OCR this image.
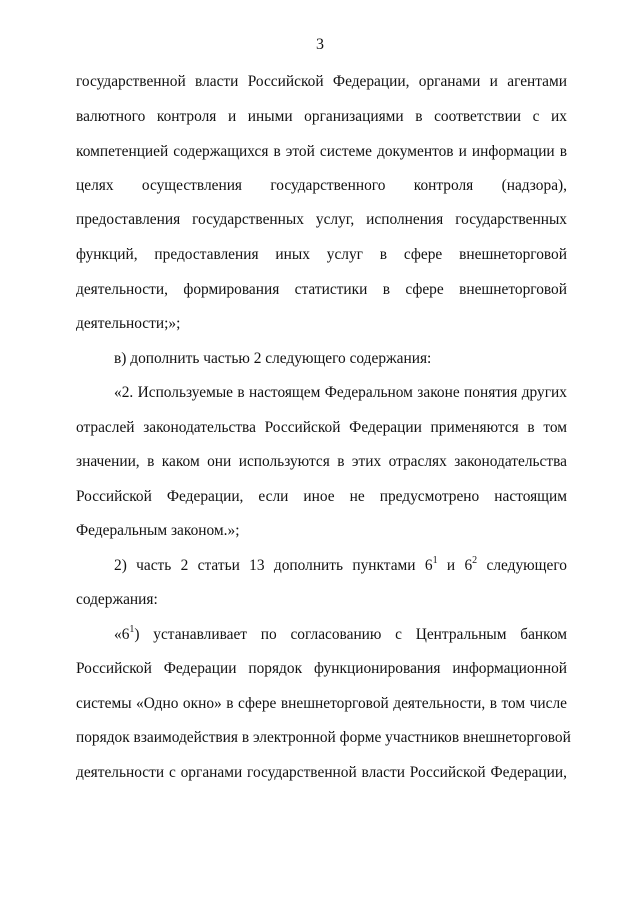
3
государственной власти Российской Федерации, органами и агентами
валютного контроля и иными организациями в соответствии с их
компетенцией содержащихся в этой системе документов и информации в
целях осуществления государственного контроля (надзора),
предоставления государственных услуг, исполнения государственных
функций, предоставления иных услуг в сфере внешнеторговой
деятельности, формирования статистики в сфере внешнеторговой
деятельности;»;
в) дополнить частью 2 следующего содержания:
«2. Используемые в настоящем Федеральном законе понятия других
отраслей законодательства Российской Федерации применяются в том
значении, в каком они используются в этих отраслях законодательства
Российской Федерации, если иное не предусмотрено настоящим
Федеральным законом.»;
2) часть 2 статьи 13 дополнить пунктами $6^1$ и $6^2$ следующего
содержания:
«$6^1$) устанавливает по согласованию с Центральным банком
Российской Федерации порядок функционирования информационной
системы «Одно окно» в сфере внешнеторговой деятельности, в том числе
порядок взаимодействия в электронной форме участников внешнеторговой
деятельности с органами государственной власти Российской Федерации,
